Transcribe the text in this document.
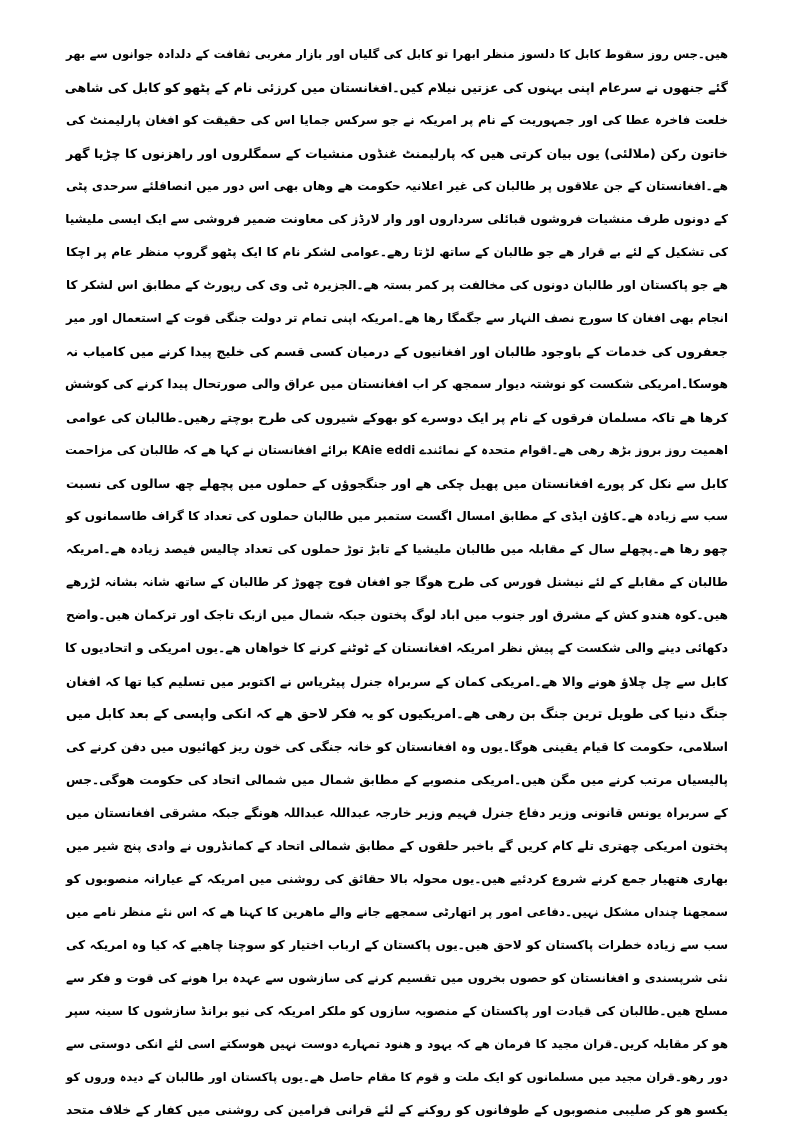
ھیں۔جس روز سقوط کابل کا دلسوز منظر ابھرا تو کابل کی گلیاں اور بازار مغربی ثقافت کے دلدادہ جوانوں سے بھر
گئے جنھوں نے سرعام اپنی بہنوں کی عزتیں نیلام کیں۔افغانستان میں کرزئی نام کے پٹھو کو کابل کی شاھی
خلعت فاخرہ عطا کی اور جمہوریت کے نام پر امریکہ نے جو سرکس جمایا اس کی حقیقت کو افغان پارلیمنٹ کی
خاتون رکن (ملالئی) یوں بیان کرتی ھیں کہ پارلیمنٹ غنڈوں منشیات کے سمگلروں اور راھزنوں کا چڑیا گھر
ھے۔افغانستان کے جن علاقوں پر طالبان کی غیر اعلانیہ حکومت ھے وھاں بھی اس دور میں انصافلئے سرحدی پٹی
کے دونوں طرف منشیات فروشوں قبائلی سرداروں اور وار لارڈز کی معاونت ضمیر فروشی سے ایک ایسی ملیشیا
کی تشکیل کے لئے بے قرار ھے جو طالبان کے ساتھ لڑتا رھے۔عوامی لشکر نام کا ایک پٹھو گروپ منظر عام پر اچکا
ھے جو پاکستان اور طالبان دونوں کی مخالفت پر کمر بستہ ھے۔الجزیرہ ٹی وی کی رپورٹ کے مطابق اس لشکر کا
انجام بھی افغان کا سورج نصف النہار سے جگمگا رھا ھے۔امریکہ اپنی تمام تر دولت جنگی قوت کے استعمال اور میر
جعفروں کی خدمات کے باوجود طالبان اور افغانیوں کے درمیان کسی قسم کی خلیج پیدا کرنے میں کامیاب نہ
ھوسکا۔امریکی شکست کو نوشتہ دیوار سمجھ کر اب افغانستان میں عراق والی صورتحال پیدا کرنے کی کوشش
کرھا ھے تاکہ مسلمان فرقوں کے نام پر ایک دوسرے کو بھوکے شیروں کی طرح بوچتے رھیں۔طالبان کی عوامی
اھمیت روز بروز بڑھ رھی ھے۔اقوام متحدہ کے نمائندے KAie eddi برائے افغانستان نے کہا ھے کہ طالبان کی مزاحمت
کابل سے نکل کر پورے افغانستان میں پھیل چکی ھے اور جنگجوؤں کے حملوں میں پچھلے چھ سالوں کی نسبت
سب سے زیادہ ھے۔کاؤن ایڈی کے مطابق امسال اگست ستمبر میں طالبان حملوں کی تعداد کا گراف طاسمانوں کو
چھو رھا ھے۔پچھلے سال کے مقابلہ میں طالبان ملیشیا کے تابڑ توڑ حملوں کی تعداد چالیس فیصد زیادہ ھے۔امریکہ
طالبان کے مقابلے کے لئے نیشنل فورس کی طرح ھوگا جو افغان فوج چھوڑ کر طالبان کے ساتھ شانہ بشانہ لڑرھے
ھیں۔کوہ ھندو کش کے مشرق اور جنوب میں اباد لوگ پختون جبکہ شمال میں ازبک تاجک اور ترکمان ھیں۔واضح
دکھائی دینے والی شکست کے پیش نظر امریکہ افغانستان کے ٹوٹنے کرنے کا خواھاں ھے۔یوں امریکی و اتحادیوں کا
کابل سے چل چلاؤ ھونے والا ھے۔امریکی کمان کے سربراہ جنرل پیٹریاس نے اکتوبر میں تسلیم کیا تھا کہ افغان
جنگ دنیا کی طویل ترین جنگ بن رھی ھے۔امریکیوں کو یہ فکر لاحق ھے کہ انکی واپسی کے بعد کابل میں
اسلامی، حکومت کا قیام یقینی ھوگا۔یوں وہ افغانستان کو خانہ جنگی کی خون ریز کھائیوں میں دفن کرنے کی
پالیسیاں مرتب کرنے میں مگن ھیں۔امریکی منصوبے کے مطابق شمال میں شمالی اتحاد کی حکومت ھوگی۔جس
کے سربراہ یونس قانونی وزیر دفاع جنرل فہیم وزیر خارجہ عبداللہ عبداللہ ھونگے جبکہ مشرقی افغانستان میں
پختون امریکی چھتری تلے کام کریں گے باخبر حلقوں کے مطابق شمالی اتحاد کے کمانڈروں نے وادی پنج شیر میں
بھاری ھتھیار جمع کرنے شروع کردئیے ھیں۔یوں محولہ بالا حقائق کی روشنی میں امریکہ کے عیارانہ منصوبوں کو
سمجھنا چنداں مشکل نہیں۔دفاعی امور پر اتھارٹی سمجھے جانے والے ماھرین کا کہنا ھے کہ اس نئے منظر نامے میں
سب سے زیادہ خطرات پاکستان کو لاحق ھیں۔یوں پاکستان کے ارباب اختیار کو سوچنا چاھیے کہ کیا وہ امریکہ کی
نئی شرپسندی و افغانستان کو حصوں بخروں میں تقسیم کرنے کی سازشوں سے عہدہ برا ھونے کی قوت و فکر سے
مسلح ھیں۔طالبان کی قیادت اور پاکستان کے منصوبہ سازوں کو ملکر امریکہ کی نیو برانڈ سازشوں کا سینہ سپر
ھو کر مقابلہ کریں۔قران مجید کا فرمان ھے کہ یہود و ھنود تمہارے دوست نہیں ھوسکتے اسی لئے انکی دوستی سے
دور رھو۔قران مجید میں مسلمانوں کو ایک ملت و قوم کا مقام حاصل ھے۔یوں پاکستان اور طالبان کے دیدہ وروں کو
یکسو ھو کر صلیبی منصوبوں کے طوفانوں کو روکنے کے لئے قرانی فرامین کی روشنی میں کفار کے خلاف متحد
